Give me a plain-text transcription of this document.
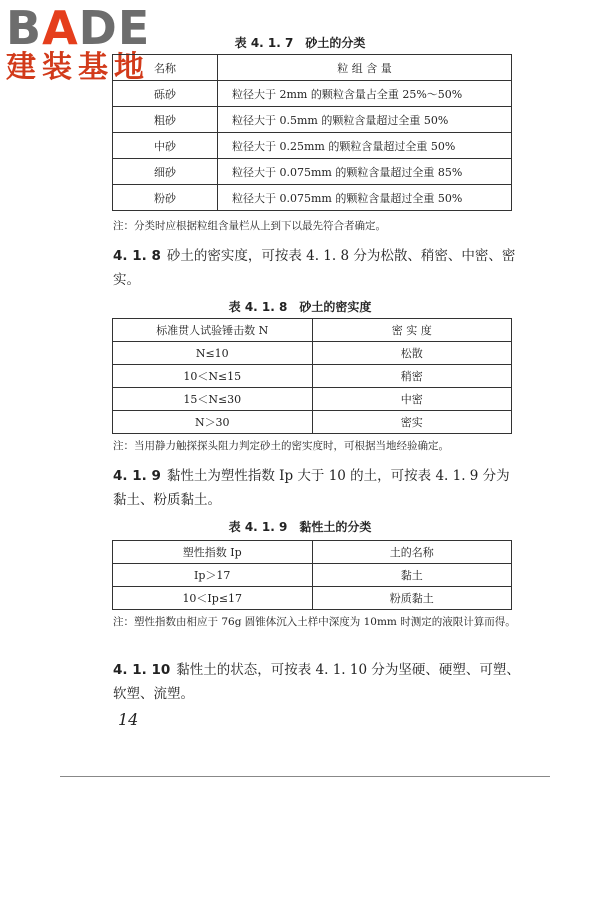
BADE
建装基地
表 4. 1. 7　砂土的分类
名称	粒 组 含 量
砾砂	粒径大于 2mm 的颗粒含量占全重 25%～50%
粗砂	粒径大于 0.5mm 的颗粒含量超过全重 50%
中砂	粒径大于 0.25mm 的颗粒含量超过全重 50%
细砂	粒径大于 0.075mm 的颗粒含量超过全重 85%
粉砂	粒径大于 0.075mm 的颗粒含量超过全重 50%
注：分类时应根据粒组含量栏从上到下以最先符合者确定。
4. 1. 8 砂土的密实度，可按表 4. 1. 8 分为松散、稍密、中密、密实。
表 4. 1. 8　砂土的密实度
标准贯人试验锤击数 N	密 实 度
N≤10	松散
10＜N≤15	稍密
15＜N≤30	中密
N＞30	密实
注：当用静力触探探头阻力判定砂土的密实度时，可根据当地经验确定。
4. 1. 9 黏性土为塑性指数 Ip 大于 10 的土，可按表 4. 1. 9 分为黏土、粉质黏土。
表 4. 1. 9　黏性土的分类
塑性指数 Ip	土的名称
Ip＞17	黏土
10＜Ip≤17	粉质黏土
注：塑性指数由相应于 76g 圆锥体沉入土样中深度为 10mm 时测定的液限计算而得。
4. 1. 10 黏性土的状态，可按表 4. 1. 10 分为坚硬、硬塑、可塑、软塑、流塑。
14
